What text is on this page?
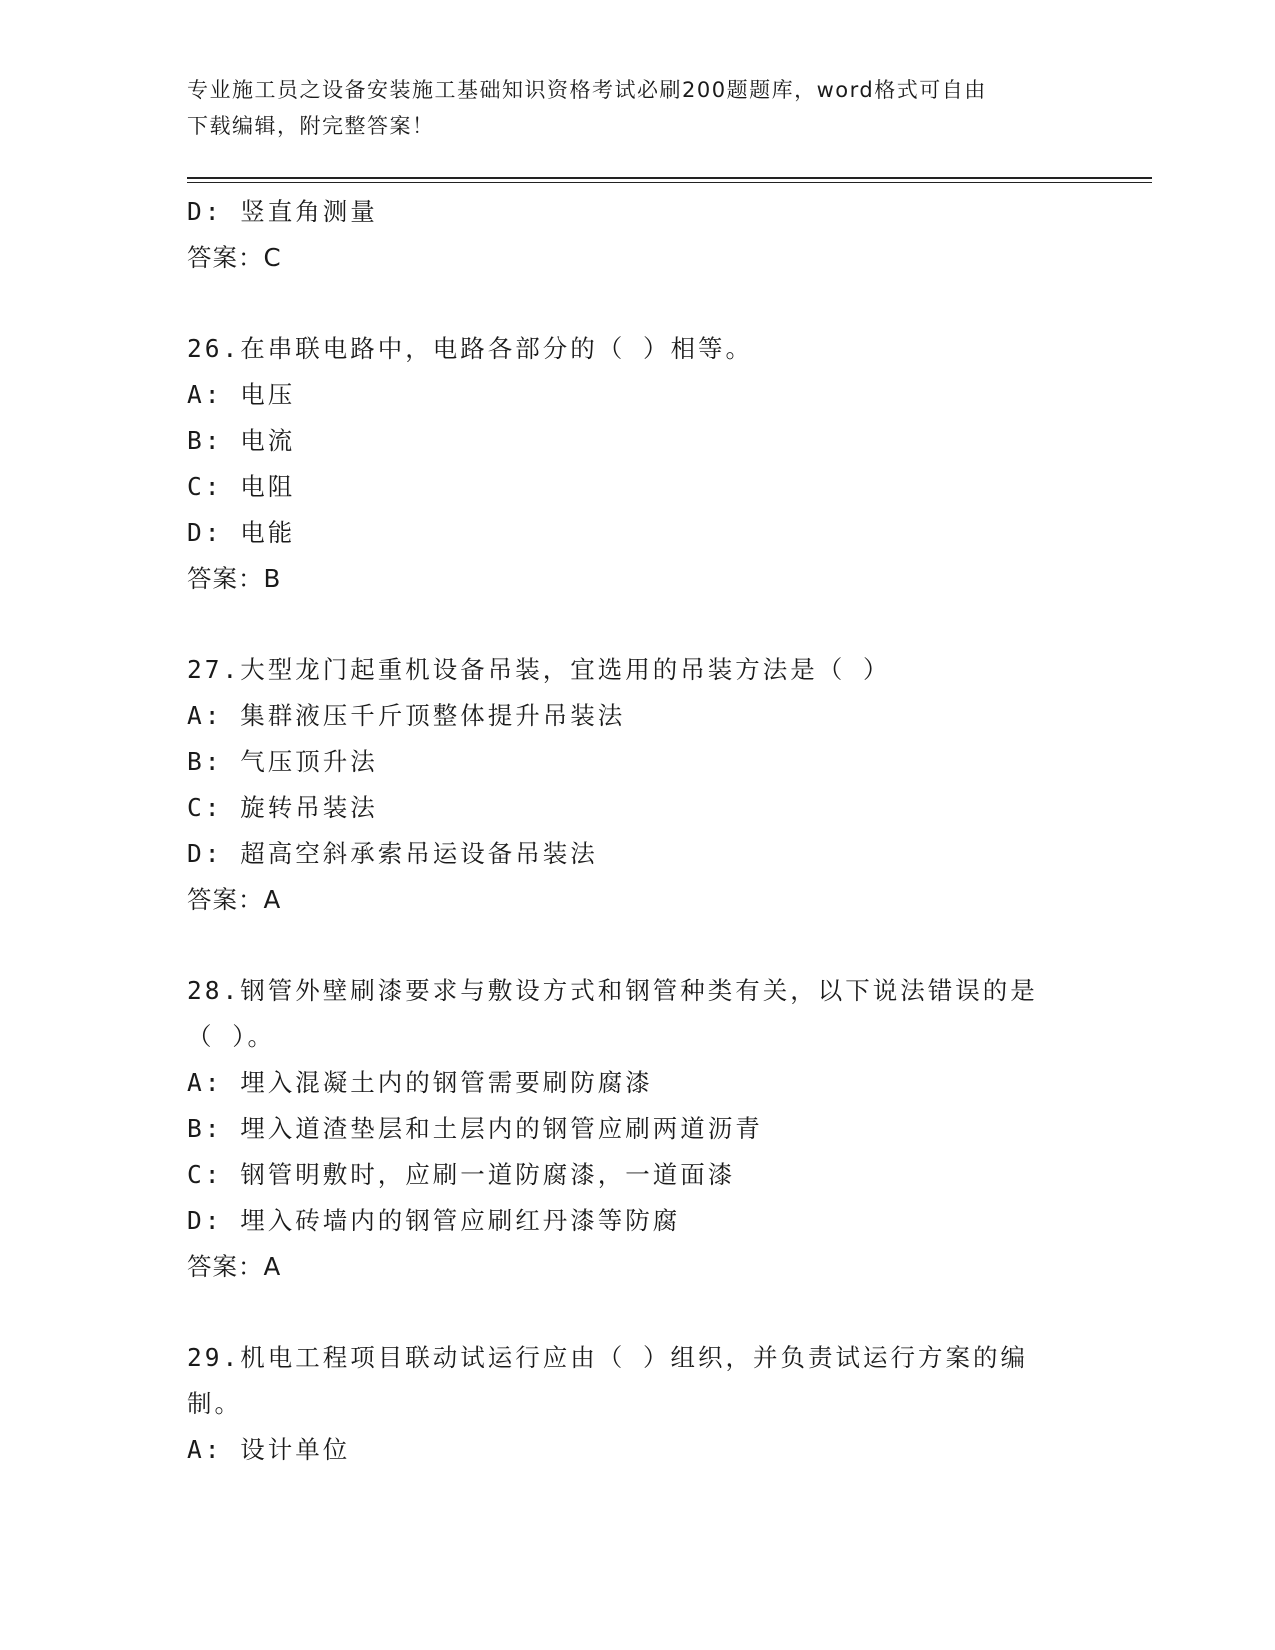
专业施工员之设备安装施工基础知识资格考试必刷200题题库，word格式可自由
下载编辑，附完整答案！
D: 竖直角测量
答案：C
26.在串联电路中，电路各部分的（ ）相等。
A: 电压
B: 电流
C: 电阻
D: 电能
答案：B
27.大型龙门起重机设备吊装，宜选用的吊装方法是（ ）
A: 集群液压千斤顶整体提升吊装法
B: 气压顶升法
C: 旋转吊装法
D: 超高空斜承索吊运设备吊装法
答案：A
28.钢管外壁刷漆要求与敷设方式和钢管种类有关，以下说法错误的是
（ ）。
A: 埋入混凝土内的钢管需要刷防腐漆
B: 埋入道渣垫层和土层内的钢管应刷两道沥青
C: 钢管明敷时，应刷一道防腐漆，一道面漆
D: 埋入砖墙内的钢管应刷红丹漆等防腐
答案：A
29.机电工程项目联动试运行应由（ ）组织，并负责试运行方案的编
制。
A: 设计单位
